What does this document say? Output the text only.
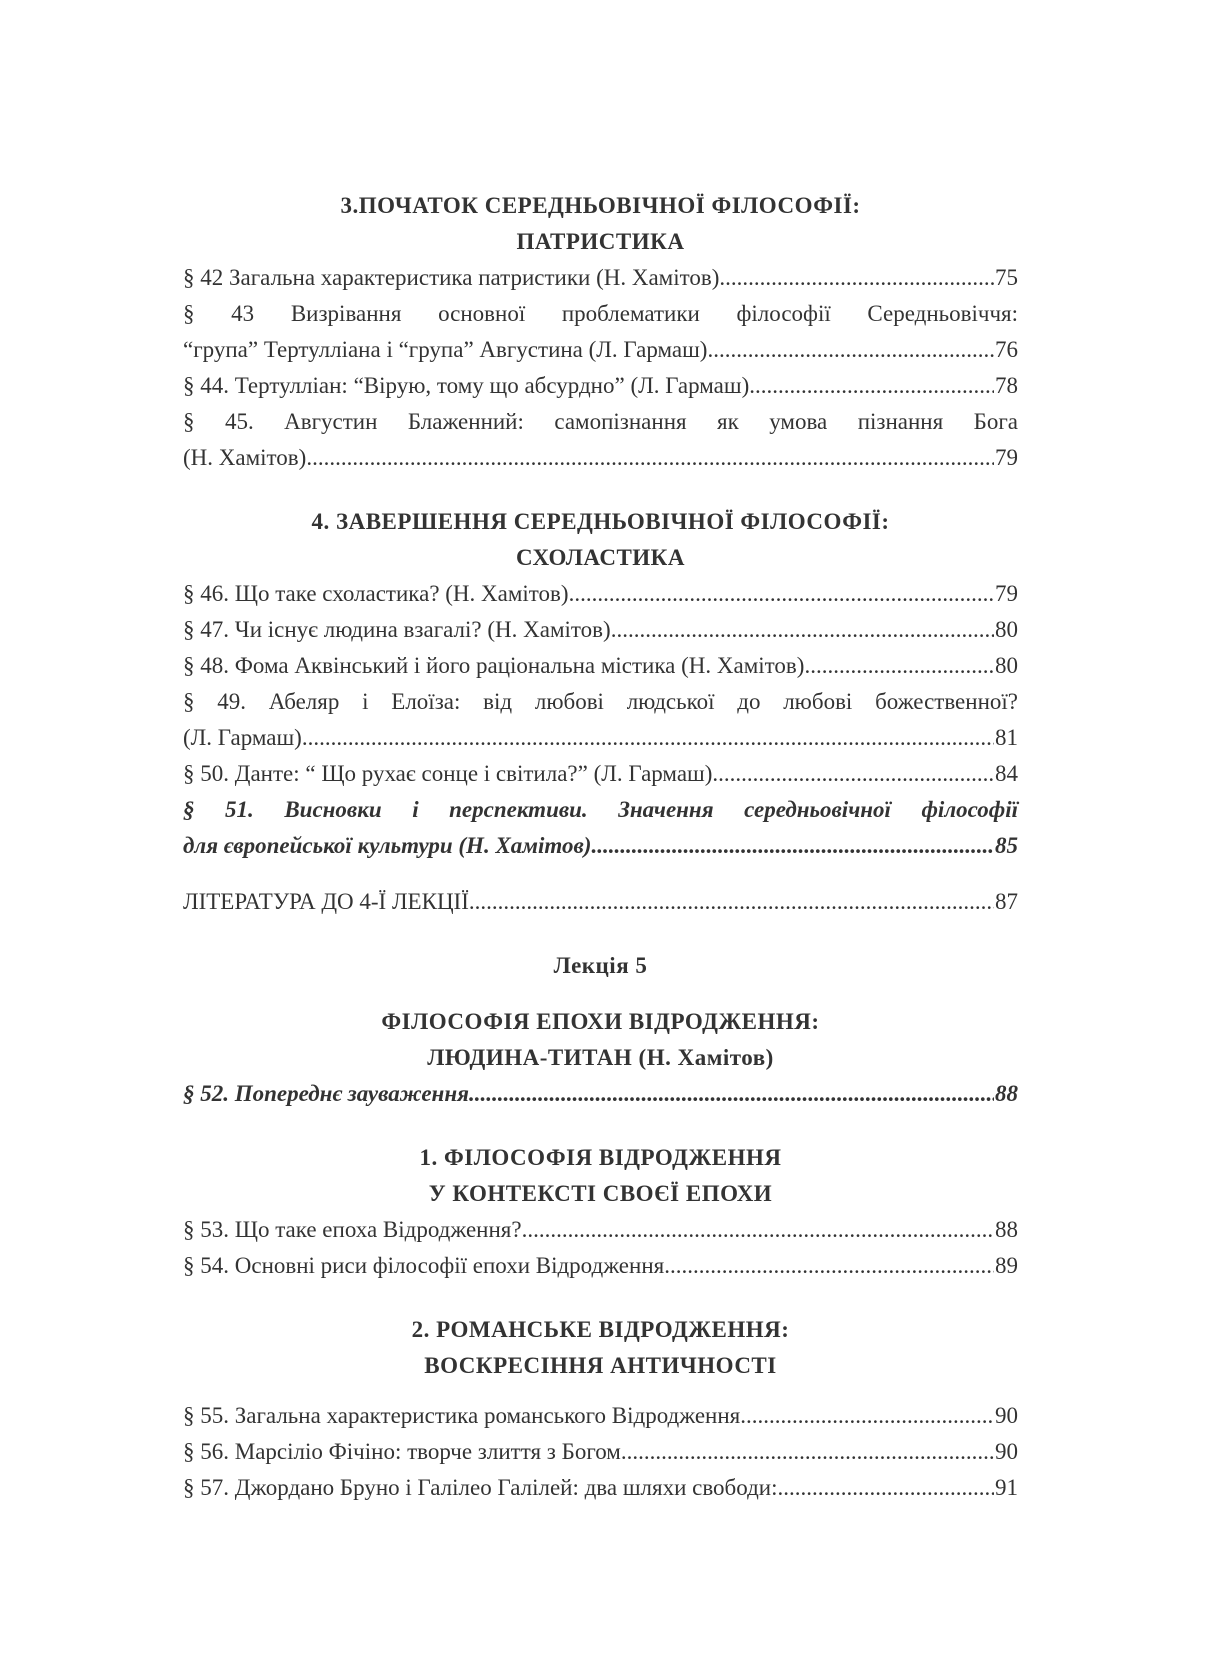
3.ПОЧАТОК СЕРЕДНЬОВІЧНОЇ ФІЛОСОФІЇ:
ПАТРИСТИКА
§ 42 Загальна характеристика патристики (Н. Хамітов) .....	75
§ 43 Визрівання основної проблематики філософії Середньовіччя:
“група” Тертулліана і “група” Августина (Л. Гармаш) .....	76
§ 44. Тертулліан: “Вірую, тому що абсурдно” (Л. Гармаш) .....	78
§ 45. Августин Блаженний: самопізнання як умова пізнання Бога
(Н. Хамітов) .....	79
4. ЗАВЕРШЕННЯ СЕРЕДНЬОВІЧНОЇ ФІЛОСОФІЇ:
СХОЛАСТИКА
§ 46. Що таке схоластика? (Н. Хамітов) .....	79
§ 47. Чи існує людина взагалі? (Н. Хамітов) .....	80
§ 48. Фома Аквінський і його раціональна містика (Н. Хамітов) .....	80
§ 49. Абеляр і Елоїза: від любові людської до любові божественної?
(Л. Гармаш) .....	81
§ 50. Данте: “ Що рухає сонце і світила?” (Л. Гармаш) .....	84
§ 51. Висновки і перспективи. Значення середньовічної філософії
для європейської культури (Н. Хамітов) .....	85
ЛІТЕРАТУРА ДО 4-Ї ЛЕКЦІЇ .....	87
Лекція 5
ФІЛОСОФІЯ ЕПОХИ ВІДРОДЖЕННЯ:
ЛЮДИНА-ТИТАН (Н. Хамітов)
§ 52. Попереднє зауваження .....	88
1. ФІЛОСОФІЯ ВІДРОДЖЕННЯ
У КОНТЕКСТІ СВОЄЇ ЕПОХИ
§ 53. Що таке епоха Відродження? .....	88
§ 54. Основні риси філософії епохи Відродження .....	89
2. РОМАНСЬКЕ ВІДРОДЖЕННЯ:
ВОСКРЕСІННЯ АНТИЧНОСТІ
§ 55. Загальна характеристика романського Відродження .....	90
§ 56. Марсіліо Фічіно: творче злиття з Богом .....	90
§ 57. Джордано Бруно і Галілео Галілей: два шляхи свободи: .....	91
